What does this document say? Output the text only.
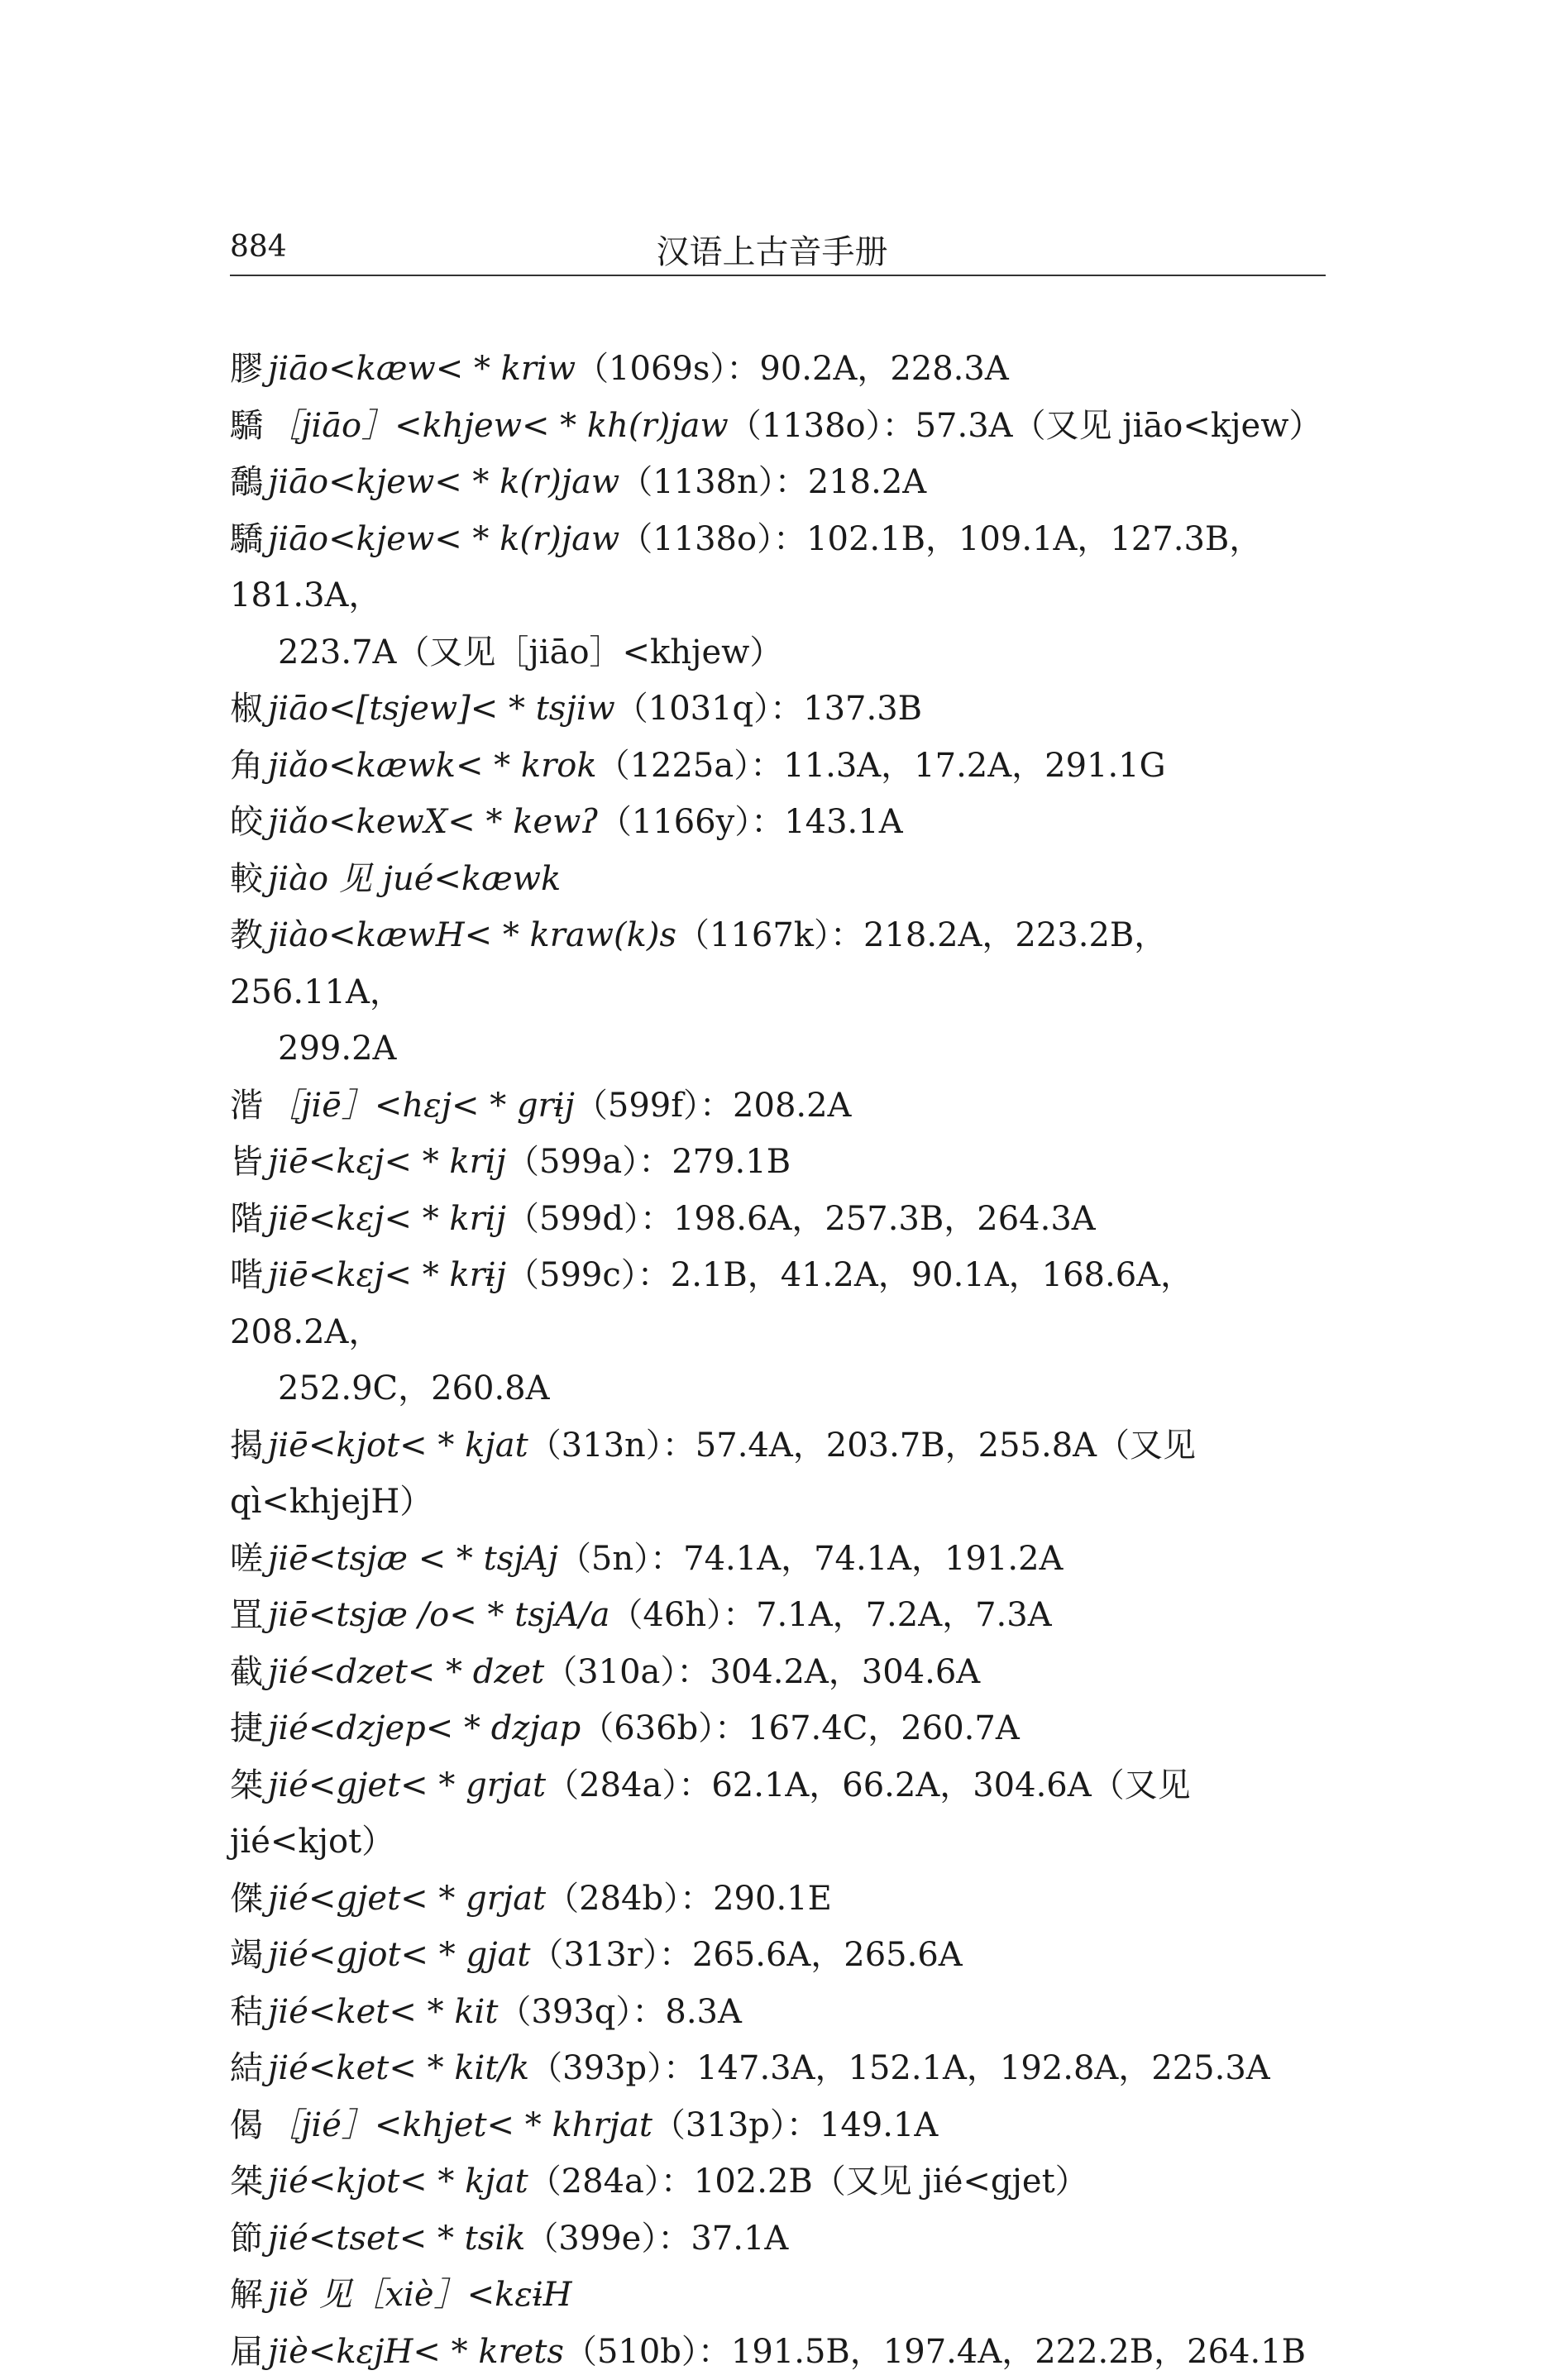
884	汉语上古音手册

膠 jiāo<kæw< * kriw（1069s）：90.2A，228.3A

驕 ［jiāo］<khjew< * kh(r)jaw（1138o）：57.3A（又见 jiāo<kjew）

鷮 jiāo<kjew< * k(r)jaw（1138n）：218.2A

驕 jiāo<kjew< * k(r)jaw（1138o）：102.1B，109.1A，127.3B，181.3A，
223.7A（又见［jiāo］<khjew）

椒 jiāo<[tsjew]< * tsjiw（1031q）：137.3B

角 jiǎo<kæwk< * krok（1225a）：11.3A，17.2A，291.1G

皎 jiǎo<kewX< * kewʔ（1166y）：143.1A

較 jiào 见 jué<kæwk

教 jiào<kæwH< * kraw(k)s（1167k）：218.2A，223.2B，256.11A，
299.2A

湝 ［jiē］<hɛj< * grɨj（599f）：208.2A

皆 jiē<kɛj< * krij（599a）：279.1B

階 jiē<kɛj< * krij（599d）：198.6A，257.3B，264.3A

喈 jiē<kɛj< * krɨj（599c）：2.1B，41.2A，90.1A，168.6A，208.2A，
252.9C，260.8A

揭 jiē<kjot< * kjat（313n）：57.4A，203.7B，255.8A（又见 qì<khjejH）

嗟 jiē<tsjæ < * tsjAj（5n）：74.1A，74.1A，191.2A

罝 jiē<tsjæ /o< * tsjA/a（46h）：7.1A，7.2A，7.3A

截 jié<dzet< * dzet（310a）：304.2A，304.6A

捷 jié<dzjep< * dzjap（636b）：167.4C，260.7A

桀 jié<gjet< * grjat（284a）：62.1A，66.2A，304.6A（又见 jié<kjot）

傑 jié<gjet< * grjat（284b）：290.1E

竭 jié<gjot< * gjat（313r）：265.6A，265.6A

秸 jié<ket< * kit（393q）：8.3A

結 jié<ket< * kit/k（393p）：147.3A，152.1A，192.8A，225.3A

偈 ［jié］<khjet< * khrjat（313p）：149.1A

桀 jié<kjot< * kjat（284a）：102.2B（又见 jié<gjet）

節 jié<tset< * tsik（399e）：37.1A

解 jiě 见［xiè］<kɛɨH

届 jiè<kɛjH< * krets（510b）：191.5B，197.4A，222.2B，264.1B
